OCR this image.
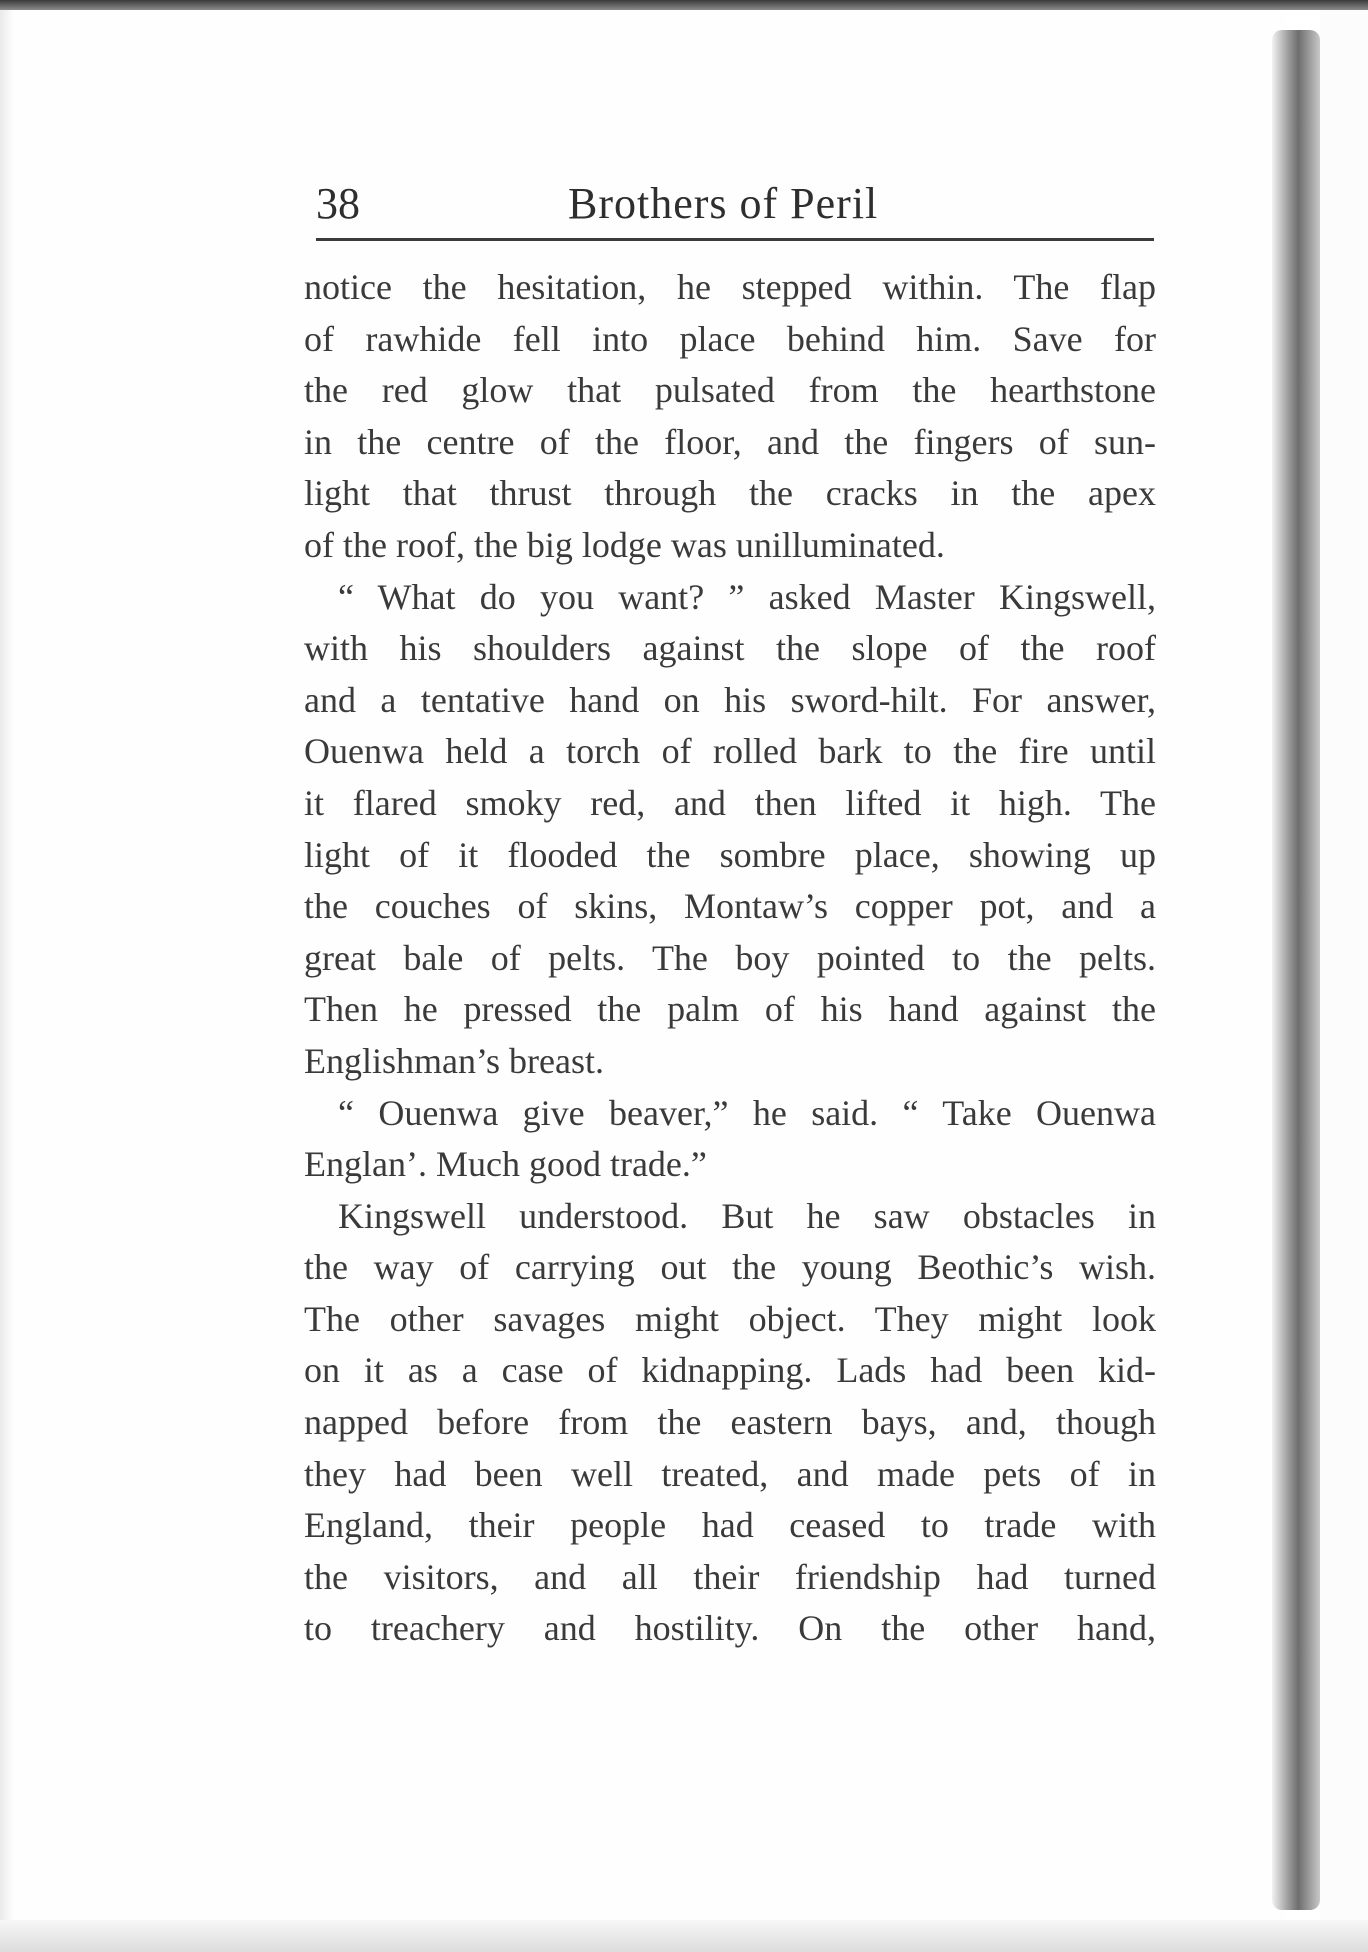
38	Brothers of Peril
notice the hesitation, he stepped within. The flap
of rawhide fell into place behind him. Save for
the red glow that pulsated from the hearthstone
in the centre of the floor, and the fingers of sun-
light that thrust through the cracks in the apex
of the roof, the big lodge was unilluminated.
“ What do you want? ” asked Master Kingswell,
with his shoulders against the slope of the roof
and a tentative hand on his sword-hilt. For answer,
Ouenwa held a torch of rolled bark to the fire until
it flared smoky red, and then lifted it high. The
light of it flooded the sombre place, showing up
the couches of skins, Montaw’s copper pot, and a
great bale of pelts. The boy pointed to the pelts.
Then he pressed the palm of his hand against the
Englishman’s breast.
“ Ouenwa give beaver,” he said. “ Take Ouenwa
Englan’. Much good trade.”
Kingswell understood. But he saw obstacles in
the way of carrying out the young Beothic’s wish.
The other savages might object. They might look
on it as a case of kidnapping. Lads had been kid-
napped before from the eastern bays, and, though
they had been well treated, and made pets of in
England, their people had ceased to trade with
the visitors, and all their friendship had turned
to treachery and hostility. On the other hand,
